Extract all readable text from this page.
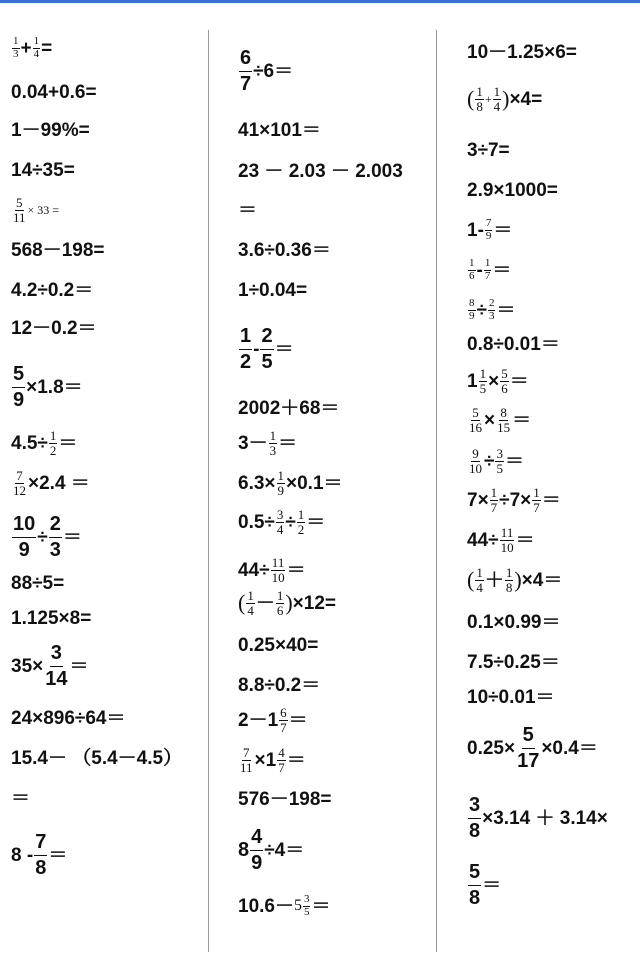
$\frac{1}{3} + \frac{1}{4}$ =
0.04+0.6=
1－99%=
14÷35=
$\frac{5}{11} \times 33$ =
568－198=
4.2÷0.2＝
12－0.2＝
$\frac{5}{9} \times 1.8=$
$4.5\div \frac{1}{2}$ ＝
$\frac{7}{12} \times 2.4$ ＝
$\frac{10}{9} \div \frac{2}{3}$ ＝
88÷5=
1.125×8=
$35\times \frac{3}{14}$ ＝
24×896÷64＝
15.4－ （5.4－4.5）
＝
$8 - \frac{7}{8}$ ＝
$\frac{6}{7} \div 6=$
41×101＝
23 － 2.03 － 2.003
＝
3.6÷0.36＝
1÷0.04=
$\frac{1}{2} - \frac{2}{5}$ ＝
2002＋68＝
$3- \frac{1}{3}$ ＝
$6.3\times \frac{1}{9} \times 0.1=$
$0.5\div \frac{3}{4} \div \frac{1}{2}$ ＝
$44\div \frac{11}{10}$ ＝
( $\frac{1}{4} - \frac{1}{6}$ ) ×12=
0.25×40=
8.8÷0.2＝
$2-1 \frac{6}{7}$ ＝
$\frac{7}{11} \times 1 \frac{4}{7}$ ＝
576－198=
$8 \frac{4}{9} \div 4=$
$10.6- 5 \frac{3}{5}$ ＝
10－1.25×6=
( $\frac{1}{8} + \frac{1}{4}$ ) ×4=
3÷7=
2.9×1000=
$1- \frac{7}{9}$ ＝
$\frac{1}{6} - \frac{1}{7}$ ＝
$\frac{8}{9} \div \frac{2}{3}$ ＝
0.8÷0.01＝
$1 \frac{1}{5} \times \frac{5}{6}$ ＝
$\frac{5}{16} \times \frac{8}{15}$ ＝
$\frac{9}{10} \div \frac{3}{5}$ ＝
$7\times \frac{1}{7} \div 7\times \frac{1}{7}$ ＝
$44\div \frac{11}{10}$ ＝
( $\frac{1}{4} + \frac{1}{8}$ ) ×4＝
0.1×0.99＝
7.5÷0.25＝
10÷0.01＝
$0.25\times \frac{5}{17} \times 0.4=$
$\frac{3}{8} \times 3.14 + 3.14\times$
$\frac{5}{8}$ ＝
